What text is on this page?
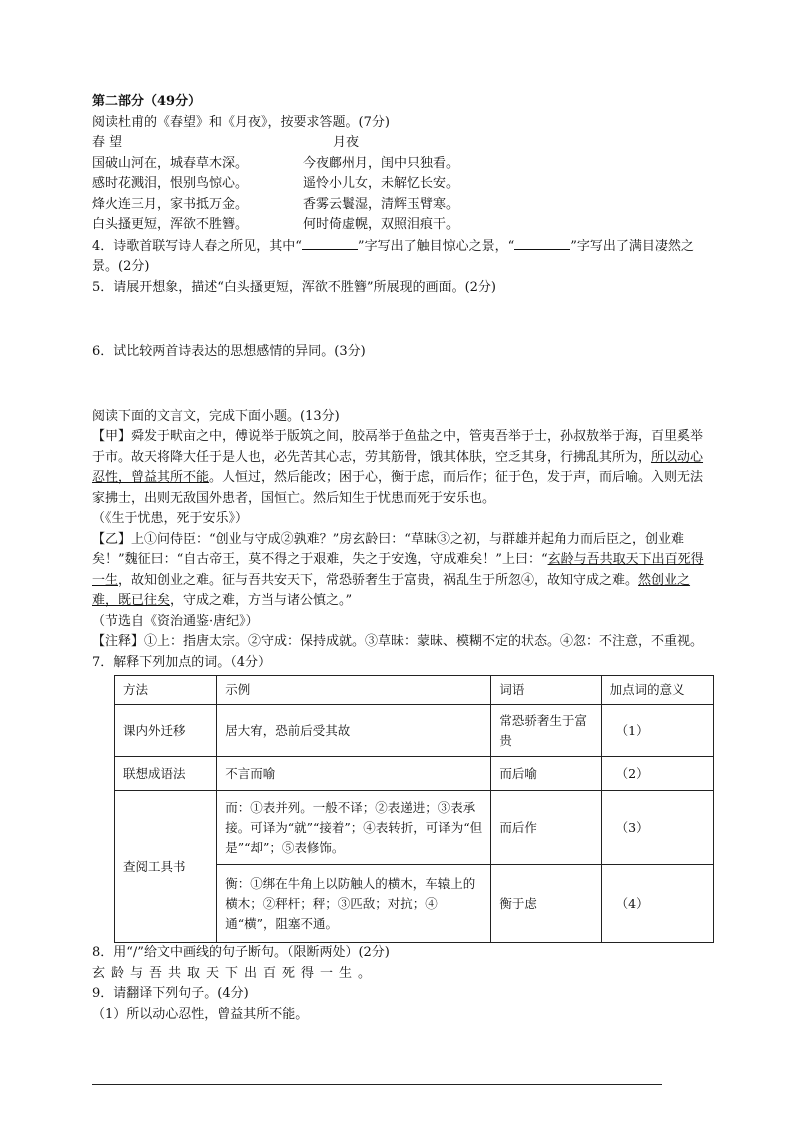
第二部分（49分）
阅读杜甫的《春望》和《月夜》，按要求答题。(7分)
春 望	月夜
国破山河在，城春草木深。	今夜鄜州月，闺中只独看。
感时花溅泪，恨别鸟惊心。	遥怜小儿女，未解忆长安。
烽火连三月，家书抵万金。	香雾云鬟湿，清辉玉臂寒。
白头搔更短，浑欲不胜簪。	何时倚虚幌，双照泪痕干。
4．诗歌首联写诗人春之所见，其中“	”字写出了触目惊心之景，“	”字写出了满目凄然之景。(2分)
5．请展开想象，描述“白头搔更短，浑欲不胜簪”所展现的画面。(2分)
6．试比较两首诗表达的思想感情的异同。(3分)
阅读下面的文言文，完成下面小题。(13分)
【甲】舜发于畎亩之中，傅说举于版筑之间，胶鬲举于鱼盐之中，管夷吾举于士，孙叔敖举于海，百里奚举于市。故天将降大任于是人也，必先苦其心志，劳其筋骨，饿其体肤，空乏其身，行拂乱其所为，所以动心忍性，曾益其所不能。人恒过，然后能改；困于心，衡于虑，而后作；征于色，发于声，而后喻。入则无法家拂士，出则无敌国外患者，国恒亡。然后知生于忧患而死于安乐也。
（《生于忧患，死于安乐》）
【乙】上①问侍臣：“创业与守成②孰难？”房玄龄曰：“草昧③之初，与群雄并起角力而后臣之，创业难矣！”魏征曰：“自古帝王，莫不得之于艰难，失之于安逸，守成难矣！”上曰：“玄龄与吾共取天下出百死得一生，故知创业之难。征与吾共安天下，常恐骄奢生于富贵，祸乱生于所忽④，故知守成之难。然创业之难，既已往矣，守成之难，方当与诸公慎之。”
（节选自《资治通鉴·唐纪》）
【注释】①上：指唐太宗。②守成：保持成就。③草昧：蒙昧、模糊不定的状态。④忽：不注意，不重视。
7．解释下列加点的词。（4分）
方法	示例	词语	加点词的意义
课内外迁移	居大宥，恐前后受其故	常恐骄奢生于富贵	（1）
联想成语法	不言而喻	而后喻	（2）
查阅工具书	而：①表并列。一般不译；②表递进；③表承接。可译为“就”“接着”；④表转折，可译为“但是”“却”；⑤表修饰。	而后作	（3）
	衡：①绑在牛角上以防触人的横木，车辕上的横木；②秤杆；秤；③匹敌；对抗；④通“横”，阻塞不通。	衡于虑	（4）
8．用“/”给文中画线的句子断句。（限断两处）(2分)
玄龄与吾共取天下出百死得一生。
9．请翻译下列句子。(4分)
（1）所以动心忍性，曾益其所不能。
